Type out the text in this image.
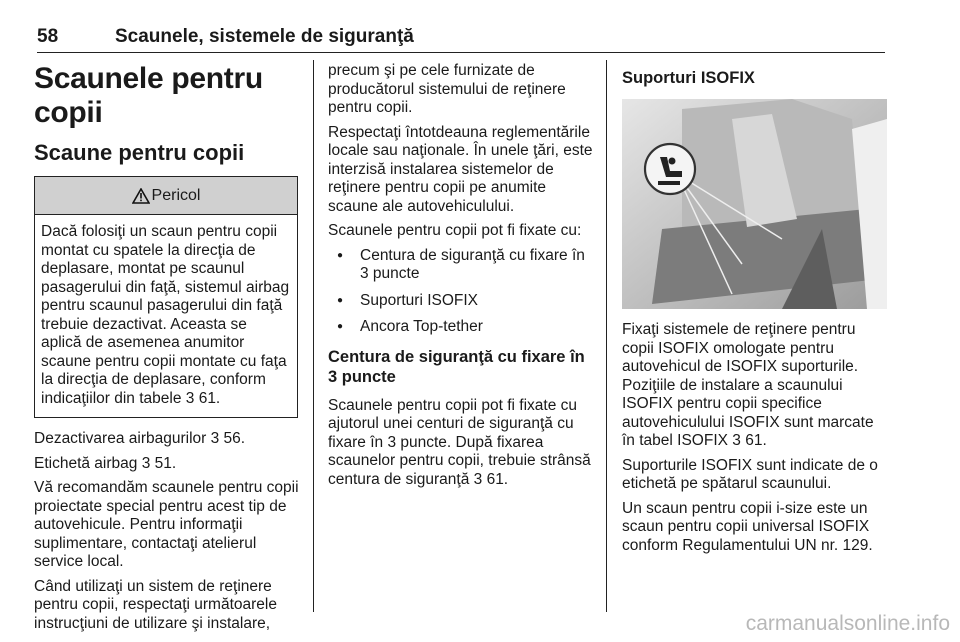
58	Scaunele, sistemele de siguranţă
Scaunele pentru copii
Scaune pentru copii
Pericol
Dacă folosiţi un scaun pentru copii montat cu spatele la direcţia de deplasare, montat pe scaunul pasagerului din faţă, sistemul airbag pentru scaunul pasagerului din faţă trebuie dezactivat. Aceasta se aplică de asemenea anumitor scaune pentru copii montate cu faţa la direcţia de deplasare, conform indicaţiilor din tabele 3 61.

Dezactivarea airbagurilor 3 56.

Etichetă airbag 3 51.

Vă recomandăm scaunele pentru copii proiectate special pentru acest tip de autovehicule. Pentru informaţii suplimentare, contactaţi atelierul service local.

Când utilizaţi un sistem de reţinere pentru copii, respectaţi următoarele instrucţiuni de utilizare şi instalare,

precum şi pe cele furnizate de producătorul sistemului de reţinere pentru copii.

Respectaţi întotdeauna reglementările locale sau naţionale. În unele ţări, este interzisă instalarea sistemelor de reţinere pentru copii pe anumite scaune ale autovehiculului.

Scaunele pentru copii pot fi fixate cu:

● Centura de siguranţă cu fixare în 3 puncte
● Suporturi ISOFIX
● Ancora Top-tether
Centura de siguranţă cu fixare în 3 puncte

Scaunele pentru copii pot fi fixate cu ajutorul unei centuri de siguranţă cu fixare în 3 puncte. După fixarea scaunelor pentru copii, trebuie strânsă centura de siguranţă 3 61.

Suporturi ISOFIX

Fixaţi sistemele de reţinere pentru copii ISOFIX omologate pentru autovehicul de ISOFIX suporturile. Poziţiile de instalare a scaunului ISOFIX pentru copii specifice autovehiculului ISOFIX sunt marcate în tabel ISOFIX 3 61.

Suporturile ISOFIX sunt indicate de o etichetă pe spătarul scaunului.

Un scaun pentru copii i-size este un scaun pentru copii universal ISOFIX conform Regulamentului UN nr. 129.

carmanualsonline.info
